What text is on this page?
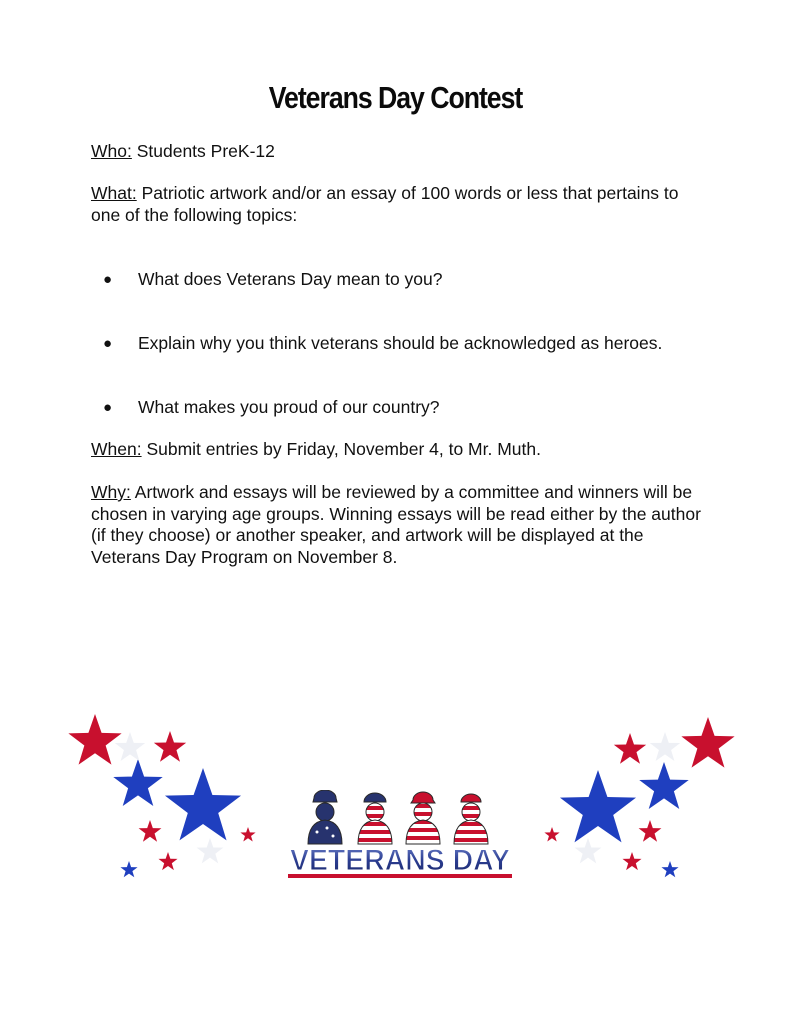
Veterans Day Contest

Who: Students PreK-12

What: Patriotic artwork and/or an essay of 100 words or less that pertains to one of the following topics:

●	What does Veterans Day mean to you?
●	Explain why you think veterans should be acknowledged as heroes.
●	What makes you proud of our country?

When: Submit entries by Friday, November 4, to Mr. Muth.

Why: Artwork and essays will be reviewed by a committee and winners will be chosen in varying age groups. Winning essays will be read either by the author (if they choose) or another speaker, and artwork will be displayed at the Veterans Day Program on November 8.

VETERANS DAY
